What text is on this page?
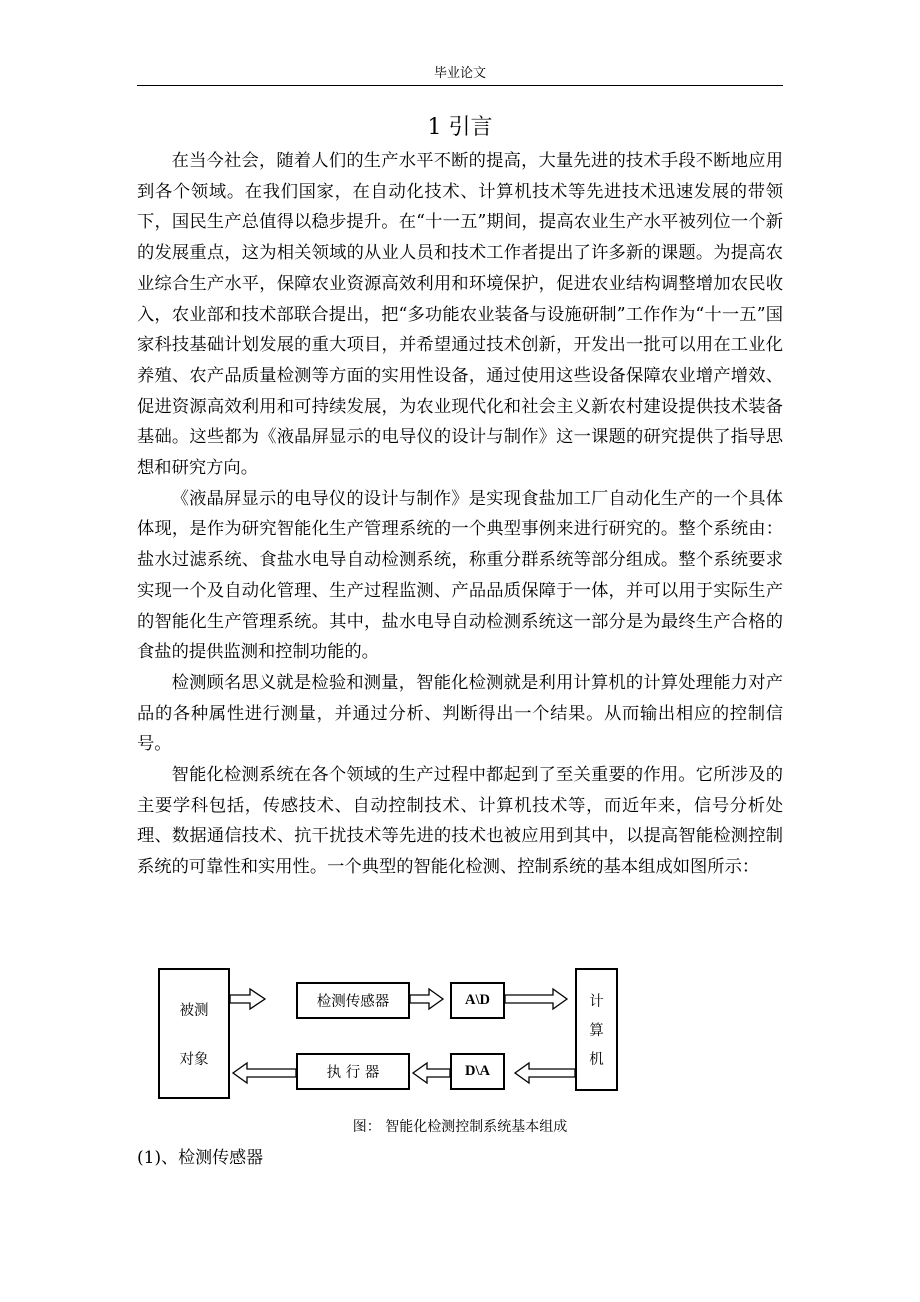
毕业论文
1 引言

在当今社会，随着人们的生产水平不断的提高，大量先进的技术手段不断地应用到各个领域。在我们国家，在自动化技术、计算机技术等先进技术迅速发展的带领下，国民生产总值得以稳步提升。在“十一五”期间，提高农业生产水平被列位一个新的发展重点，这为相关领域的从业人员和技术工作者提出了许多新的课题。为提高农业综合生产水平，保障农业资源高效利用和环境保护，促进农业结构调整增加农民收入，农业部和技术部联合提出，把“多功能农业装备与设施研制”工作作为“十一五”国家科技基础计划发展的重大项目，并希望通过技术创新，开发出一批可以用在工业化养殖、农产品质量检测等方面的实用性设备，通过使用这些设备保障农业增产增效、促进资源高效利用和可持续发展，为农业现代化和社会主义新农村建设提供技术装备基础。这些都为《液晶屏显示的电导仪的设计与制作》这一课题的研究提供了指导思想和研究方向。

《液晶屏显示的电导仪的设计与制作》是实现食盐加工厂自动化生产的一个具体体现，是作为研究智能化生产管理系统的一个典型事例来进行研究的。整个系统由：盐水过滤系统、食盐水电导自动检测系统，称重分群系统等部分组成。整个系统要求实现一个及自动化管理、生产过程监测、产品品质保障于一体，并可以用于实际生产的智能化生产管理系统。其中，盐水电导自动检测系统这一部分是为最终生产合格的食盐的提供监测和控制功能的。

检测顾名思义就是检验和测量，智能化检测就是利用计算机的计算处理能力对产品的各种属性进行测量，并通过分析、判断得出一个结果。从而输出相应的控制信号。

智能化检测系统在各个领域的生产过程中都起到了至关重要的作用。它所涉及的主要学科包括，传感技术、自动控制技术、计算机技术等，而近年来，信号分析处理、数据通信技术、抗干扰技术等先进的技术也被应用到其中，以提高智能检测控制系统的可靠性和实用性。一个典型的智能化检测、控制系统的基本组成如图所示：

被测
对象
检测传感器	A\D	计
算
机
D\A
执 行 器
图： 智能化检测控制系统基本组成
(1)、检测传感器
